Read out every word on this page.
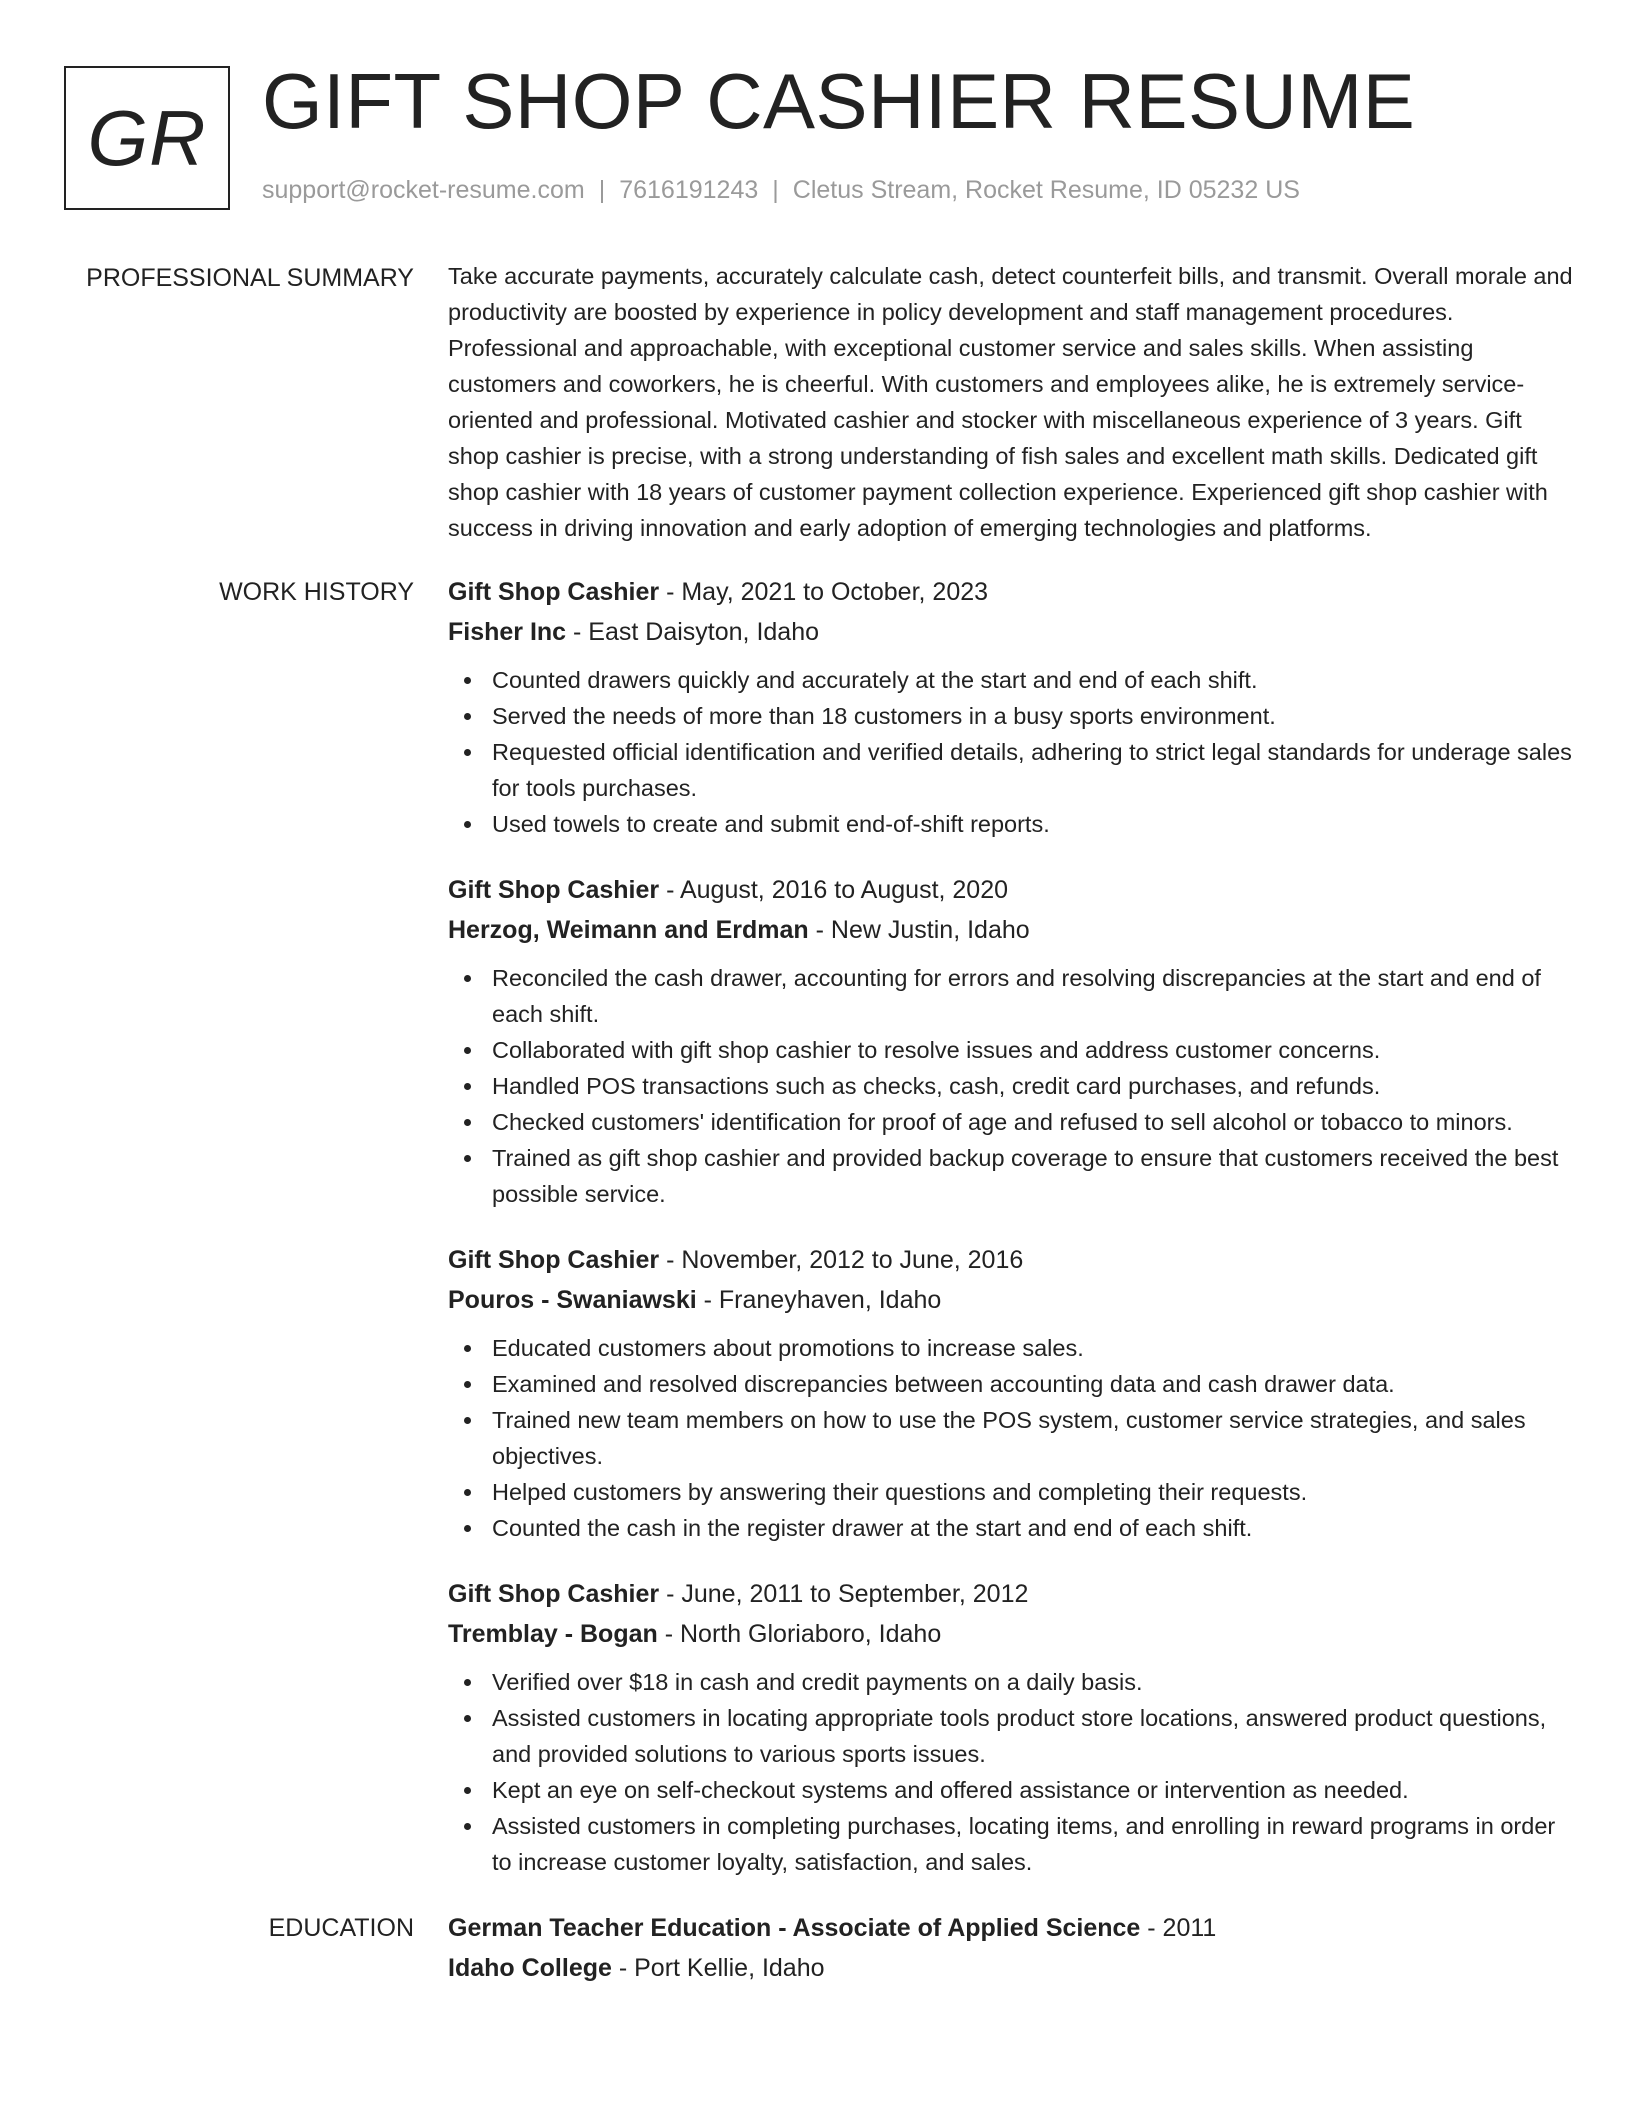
GR GIFT SHOP CASHIER RESUME
support@rocket-resume.com | 7616191243 | Cletus Stream, Rocket Resume, ID 05232 US
PROFESSIONAL SUMMARY Take accurate payments, accurately calculate cash, detect counterfeit bills, and transmit. Overall morale and productivity are boosted by experience in policy development and staff management procedures. Professional and approachable, with exceptional customer service and sales skills. When assisting customers and coworkers, he is cheerful. With customers and employees alike, he is extremely service-oriented and professional. Motivated cashier and stocker with miscellaneous experience of 3 years. Gift shop cashier is precise, with a strong understanding of fish sales and excellent math skills. Dedicated gift shop cashier with 18 years of customer payment collection experience. Experienced gift shop cashier with success in driving innovation and early adoption of emerging technologies and platforms.

WORK HISTORY Gift Shop Cashier - May, 2021 to October, 2023
Fisher Inc - East Daisyton, Idaho
Counted drawers quickly and accurately at the start and end of each shift.
Served the needs of more than 18 customers in a busy sports environment.
Requested official identification and verified details, adhering to strict legal standards for underage sales for tools purchases.
Used towels to create and submit end-of-shift reports.
Gift Shop Cashier - August, 2016 to August, 2020
Herzog, Weimann and Erdman - New Justin, Idaho
Reconciled the cash drawer, accounting for errors and resolving discrepancies at the start and end of each shift.
Collaborated with gift shop cashier to resolve issues and address customer concerns.
Handled POS transactions such as checks, cash, credit card purchases, and refunds.
Checked customers' identification for proof of age and refused to sell alcohol or tobacco to minors.
Trained as gift shop cashier and provided backup coverage to ensure that customers received the best possible service.
Gift Shop Cashier - November, 2012 to June, 2016
Pouros - Swaniawski - Franeyhaven, Idaho
Educated customers about promotions to increase sales.
Examined and resolved discrepancies between accounting data and cash drawer data.
Trained new team members on how to use the POS system, customer service strategies, and sales objectives.
Helped customers by answering their questions and completing their requests.
Counted the cash in the register drawer at the start and end of each shift.
Gift Shop Cashier - June, 2011 to September, 2012
Tremblay - Bogan - North Gloriaboro, Idaho
Verified over $18 in cash and credit payments on a daily basis.
Assisted customers in locating appropriate tools product store locations, answered product questions, and provided solutions to various sports issues.
Kept an eye on self-checkout systems and offered assistance or intervention as needed.
Assisted customers in completing purchases, locating items, and enrolling in reward programs in order to increase customer loyalty, satisfaction, and sales.
EDUCATION German Teacher Education - Associate of Applied Science - 2011
Idaho College - Port Kellie, Idaho
